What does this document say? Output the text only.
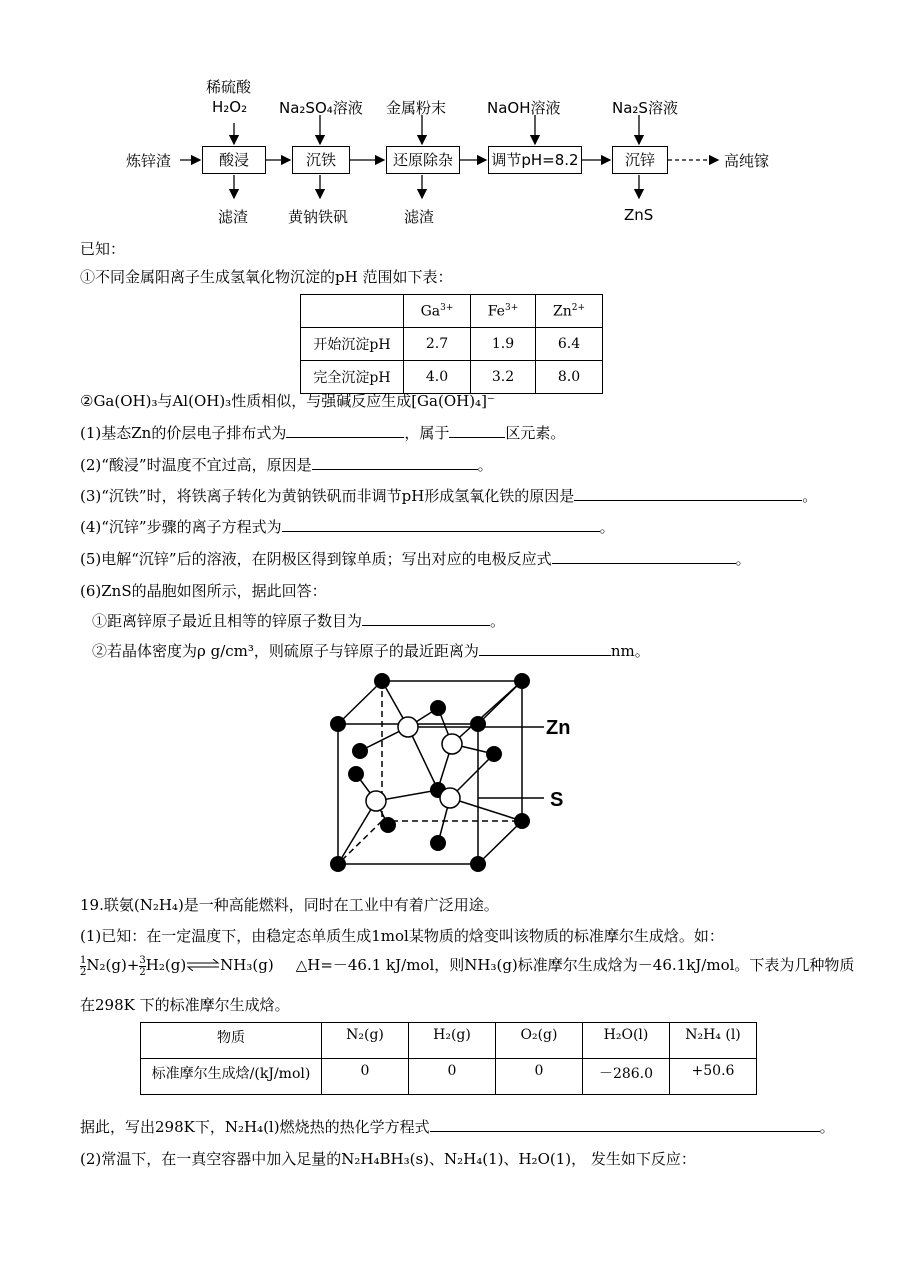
炼锌渣
稀硫酸
H₂O₂
酸浸
滤渣
Na₂SO₄溶液
沉铁
黄钠铁矾
金属粉末
还原除杂
滤渣
NaOH溶液
调节pH=8.2
Na₂S溶液
沉锌
ZnS
高纯镓
已知：
①不同金属阳离子生成氢氧化物沉淀的pH 范围如下表：
	$Ga^{3+}$	$Fe^{3+}$	$Zn^{2+}$
开始沉淀pH	2.7	1.9	6.4
完全沉淀pH	4.0	3.2	8.0
②Ga(OH)₃与Al(OH)₃性质相似，与强碱反应生成[Ga(OH)₄]⁻
(1)基态Zn的价层电子排布式为	，属于	区元素。
(2)“酸浸”时温度不宜过高，原因是	。
(3)“沉铁”时，将铁离子转化为黄钠铁矾而非调节pH形成氢氧化铁的原因是	。
(4)“沉锌”步骤的离子方程式为	。
(5)电解“沉锌”后的溶液，在阴极区得到镓单质；写出对应的电极反应式	。
(6)ZnS的晶胞如图所示，据此回答：
①距离锌原子最近且相等的锌原子数目为	。
②若晶体密度为ρ g/cm³，则硫原子与锌原子的最近距离为	nm。
Zn
S
19.联氨(N₂H₄)是一种高能燃料，同时在工业中有着广泛用途。
(1)已知：在一定温度下，由稳定态单质生成1mol某物质的焓变叫该物质的标准摩尔生成焓。如：
$\frac{1}{2} N_2(g)+ \frac{3}{2}$ H₂(g)⇌NH₃(g) △H=－46.1 kJ/mol，则NH₃(g)标准摩尔生成焓为－46.1kJ/mol。下表为几种物质
在298K 下的标准摩尔生成焓。
物质	N₂(g)	H₂(g)	O₂(g)	H₂O(l)	N₂H₄ (l)
标准摩尔生成焓/(kJ/mol)	0	0	0	－286.0	+50.6
据此，写出298K下，N₂H₄(l)燃烧热的热化学方程式	。
(2)常温下，在一真空容器中加入足量的N₂H₄BH₃(s)、N₂H₄(1)、H₂O(1)， 发生如下反应：
